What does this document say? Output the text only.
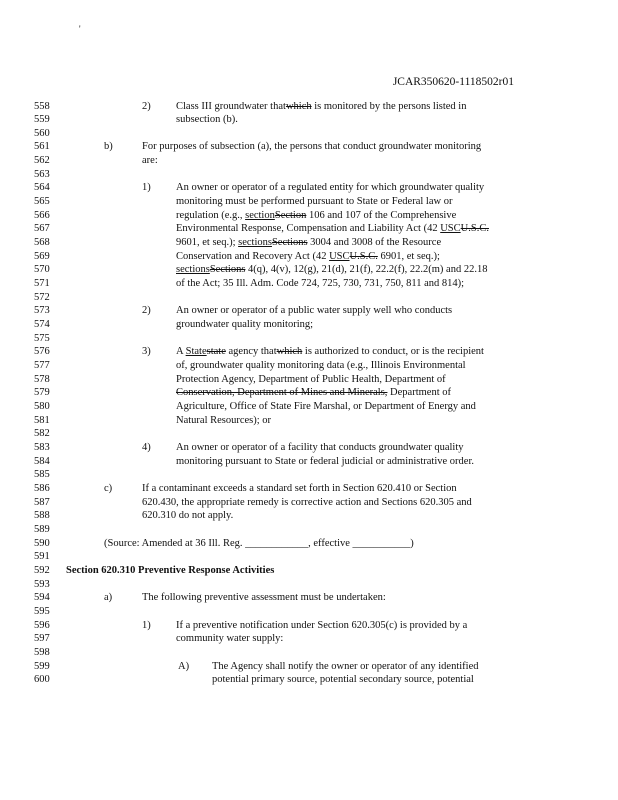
'
JCAR350620-1118502r01
558	2) Class III groundwater thatwhich is monitored by the persons listed in
559	subsection (b).
560
561	b)	For purposes of subsection (a), the persons that conduct groundwater monitoring
562	are:
563
564	1) An owner or operator of a regulated entity for which groundwater quality
565	monitoring must be performed pursuant to State or Federal law or
566	regulation (e.g., sectionSection 106 and 107 of the Comprehensive
567	Environmental Response, Compensation and Liability Act (42 USCU.S.C.
568	9601, et seq.); sectionsSections 3004 and 3008 of the Resource
569	Conservation and Recovery Act (42 USCU.S.C. 6901, et seq.);
570	sectionsSections 4(q), 4(v), 12(g), 21(d), 21(f), 22.2(f), 22.2(m) and 22.18
571	of the Act; 35 Ill. Adm. Code 724, 725, 730, 731, 750, 811 and 814);
572
573	2) An owner or operator of a public water supply well who conducts
574	groundwater quality monitoring;
575
576	3) A Statestate agency thatwhich is authorized to conduct, or is the recipient
577	of, groundwater quality monitoring data (e.g., Illinois Environmental
578	Protection Agency, Department of Public Health, Department of
579	Conservation, Department of Mines and Minerals, Department of
580	Agriculture, Office of State Fire Marshal, or Department of Energy and
581	Natural Resources); or
582
583	4) An owner or operator of a facility that conducts groundwater quality
584	monitoring pursuant to State or federal judicial or administrative order.
585
586	c)	If a contaminant exceeds a standard set forth in Section 620.410 or Section
587	620.430, the appropriate remedy is corrective action and Sections 620.305 and
588	620.310 do not apply.
589
590	(Source: Amended at 36 Ill. Reg. ____________, effective ___________)
591
592	Section 620.310 Preventive Response Activities
593
594	a)	The following preventive assessment must be undertaken:
595
596	1) If a preventive notification under Section 620.305(c) is provided by a
597	community water supply:
598
599	A) The Agency shall notify the owner or operator of any identified
600	potential primary source, potential secondary source, potential
